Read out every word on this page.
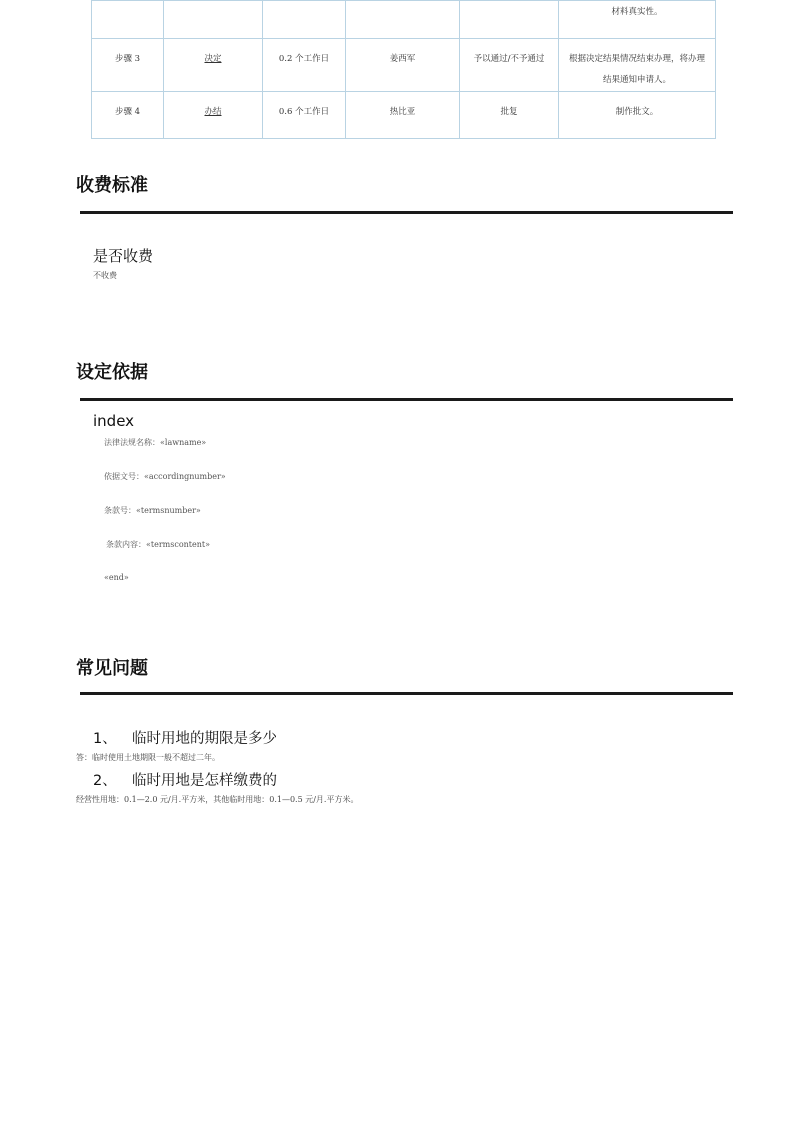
					材料真实性。
步骤 3	决定	0.2 个工作日	姜西军	予以通过/不予通过	根据决定结果情况结束办理，将办理结果通知申请人。
步骤 4	办结	0.6 个工作日	热比亚	批复	制作批文。
收费标准
是否收费
不收费
设定依据
index
法律法规名称：«lawname»
依据文号：«accordingnumber»
条款号：«termsnumber»
条款内容：«termscontent»
«end»
常见问题
1、 临时用地的期限是多少
答：临时使用土地期限一般不超过二年。
2、 临时用地是怎样缴费的
经营性用地：0.1—2.0 元/月.平方米，其他临时用地：0.1—0.5 元/月.平方米。
